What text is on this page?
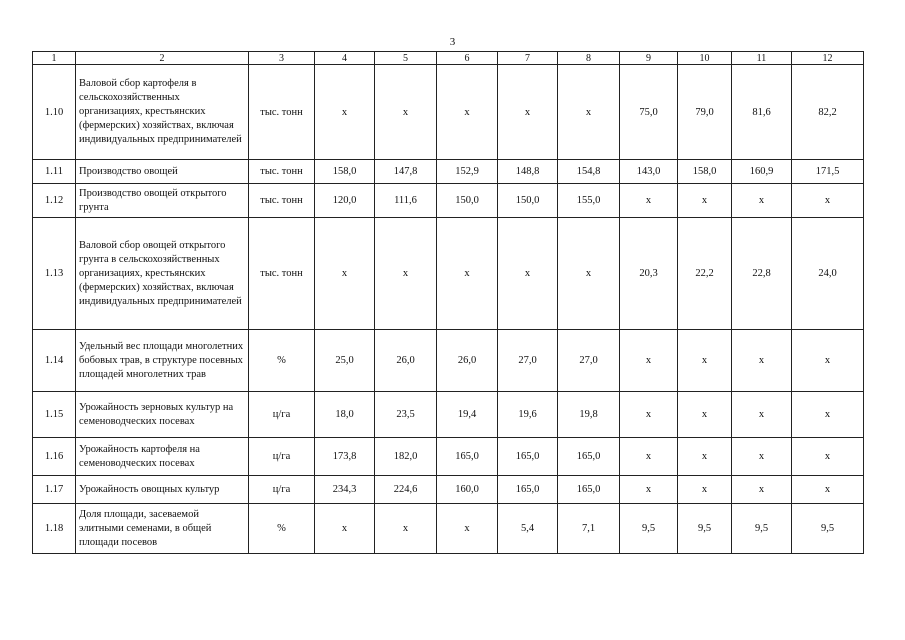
3
1	2	3	4	5	6	7	8	9	10	11	12
1.10	Валовой сбор картофеля в сельскохозяйственных организациях, крестьянских (фермерских) хозяйствах, включая индивидуальных предпринимателей	тыс. тонн	х	х	х	х	х	75,0	79,0	81,6	82,2
1.11	Производство овощей	тыс. тонн	158,0	147,8	152,9	148,8	154,8	143,0	158,0	160,9	171,5
1.12	Производство овощей открытого грунта	тыс. тонн	120,0	111,6	150,0	150,0	155,0	х	х	х	х
1.13	Валовой сбор овощей открытого грунта в сельскохозяйственных организациях, крестьянских (фермерских) хозяйствах, включая индивидуальных предпринимателей	тыс. тонн	х	х	х	х	х	20,3	22,2	22,8	24,0
1.14	Удельный вес площади многолетних бобовых трав, в структуре посевных площадей многолетних трав	%	25,0	26,0	26,0	27,0	27,0	х	х	х	х
1.15	Урожайность зерновых культур на семеноводческих посевах	ц/га	18,0	23,5	19,4	19,6	19,8	х	х	х	х
1.16	Урожайность картофеля на семеноводческих посевах	ц/га	173,8	182,0	165,0	165,0	165,0	х	х	х	х
1.17	Урожайность овощных культур	ц/га	234,3	224,6	160,0	165,0	165,0	х	х	х	х
1.18	Доля площади, засеваемой элитными семенами, в общей площади посевов	%	х	х	х	5,4	7,1	9,5	9,5	9,5	9,5
